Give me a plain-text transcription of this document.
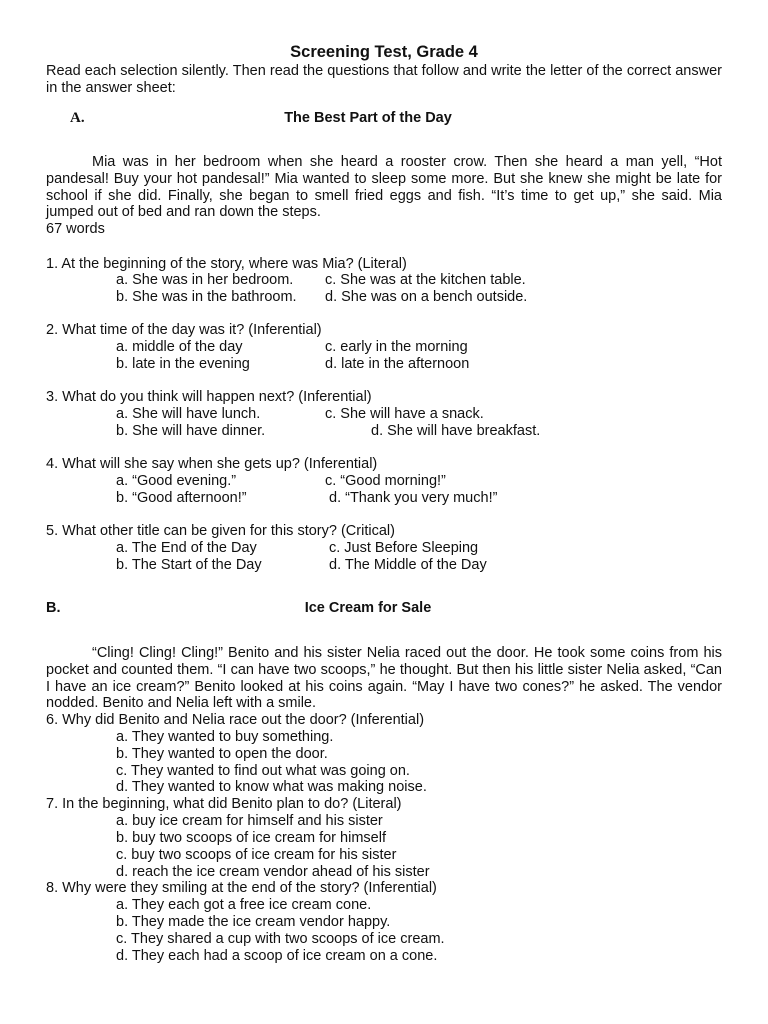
Screening Test, Grade 4
Read each selection silently. Then read the questions that follow and write the letter of the correct answer in the answer sheet:
A.	The Best Part of the Day
Mia was in her bedroom when she heard a rooster crow. Then she heard a man yell, “Hot pandesal! Buy your hot pandesal!” Mia wanted to sleep some more. But she knew she might be late for school if she did. Finally, she began to smell fried eggs and fish. “It’s time to get up,” she said. Mia jumped out of bed and ran down the steps.
67 words
1. At the beginning of the story, where was Mia? (Literal)
a. She was in her bedroom. c. She was at the kitchen table.
b. She was in the bathroom. d. She was on a bench outside.
2. What time of the day was it? (Inferential)
a. middle of the day	c. early in the morning
b. late in the evening	d. late in the afternoon
3. What do you think will happen next? (Inferential)
a. She will have lunch.	c. She will have a snack.
b. She will have dinner.	d. She will have breakfast.
4. What will she say when she gets up? (Inferential)
a. “Good evening.”	c. “Good morning!”
b. “Good afternoon!”	d. “Thank you very much!”
5. What other title can be given for this story? (Critical)
a. The End of the Day	c. Just Before Sleeping
b. The Start of the Day	d. The Middle of the Day
B.	Ice Cream for Sale
“Cling! Cling! Cling!” Benito and his sister Nelia raced out the door. He took some coins from his pocket and counted them. “I can have two scoops,” he thought. But then his little sister Nelia asked, “Can I have an ice cream?” Benito looked at his coins again. “May I have two cones?” he asked. The vendor nodded. Benito and Nelia left with a smile.
6. Why did Benito and Nelia race out the door? (Inferential)
a. They wanted to buy something.
b. They wanted to open the door.
c. They wanted to find out what was going on.
d. They wanted to know what was making noise.
7. In the beginning, what did Benito plan to do? (Literal)
a. buy ice cream for himself and his sister
b. buy two scoops of ice cream for himself
c. buy two scoops of ice cream for his sister
d. reach the ice cream vendor ahead of his sister
8. Why were they smiling at the end of the story? (Inferential)
a. They each got a free ice cream cone.
b. They made the ice cream vendor happy.
c. They shared a cup with two scoops of ice cream.
d. They each had a scoop of ice cream on a cone.
